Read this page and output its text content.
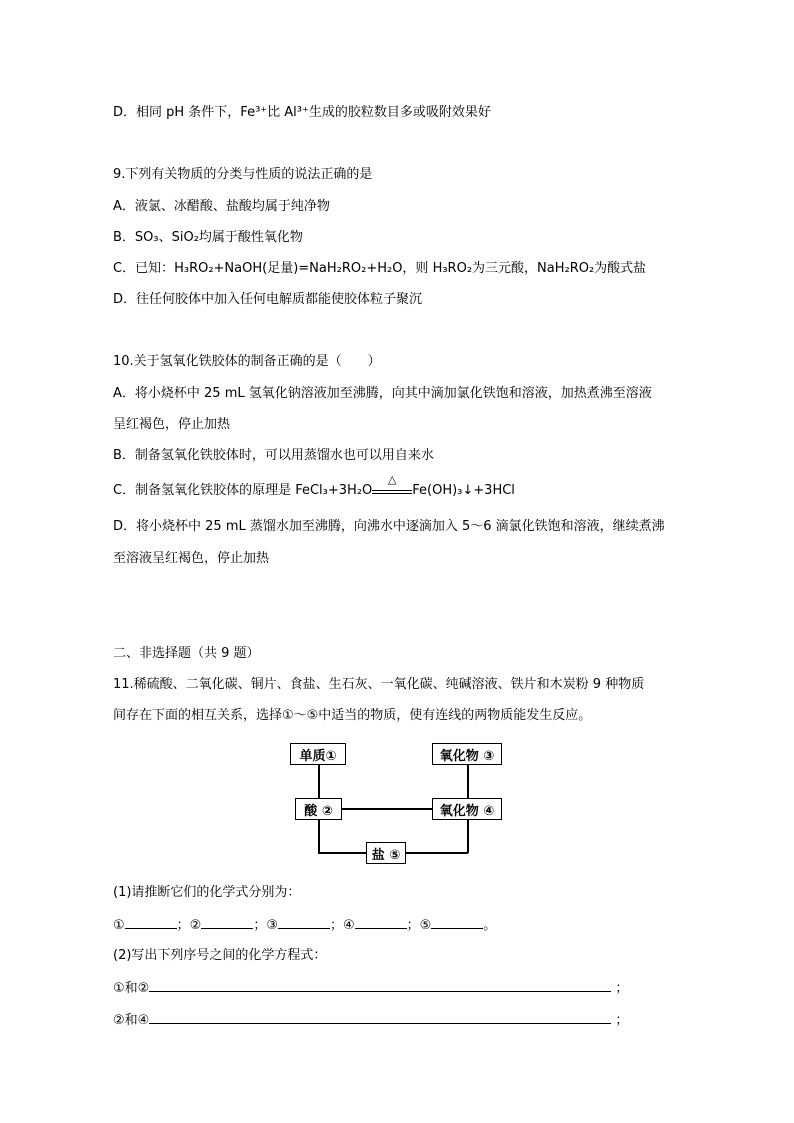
D．相同 pH 条件下，Fe³⁺比 Al³⁺生成的胶粒数目多或吸附效果好
9.下列有关物质的分类与性质的说法正确的是
A．液氯、冰醋酸、盐酸均属于纯净物
B．SO₃、SiO₂均属于酸性氧化物
C．已知：H₃RO₂+NaOH(足量)=NaH₂RO₂+H₂O，则 H₃RO₂为三元酸，NaH₂RO₂为酸式盐
D．往任何胶体中加入任何电解质都能使胶体粒子聚沉
10.关于氢氧化铁胶体的制备正确的是（　　）
A．将小烧杯中 25 mL 氢氧化钠溶液加至沸腾，向其中滴加氯化铁饱和溶液，加热煮沸至溶液
呈红褐色，停止加热
B．制备氢氧化铁胶体时，可以用蒸馏水也可以用自来水
C．制备氢氧化铁胶体的原理是 FeCl₃+3H₂O
△
Fe(OH)₃↓+3HCl
D．将小烧杯中 25 mL 蒸馏水加至沸腾，向沸水中逐滴加入 5～6 滴氯化铁饱和溶液，继续煮沸
至溶液呈红褐色，停止加热
二、非选择题（共 9 题）
11.稀硫酸、二氧化碳、铜片、食盐、生石灰、一氧化碳、纯碱溶液、铁片和木炭粉 9 种物质
间存在下面的相互关系，选择①～⑤中适当的物质，使有连线的两物质能发生反应。
单质①
酸 ②
氧化物 ③
氧化物 ④
盐 ⑤
(1)请推断它们的化学式分别为：
①	；②	；③	；④	；⑤	。
(2)写出下列序号之间的化学方程式：
①和②	；
②和④	；
